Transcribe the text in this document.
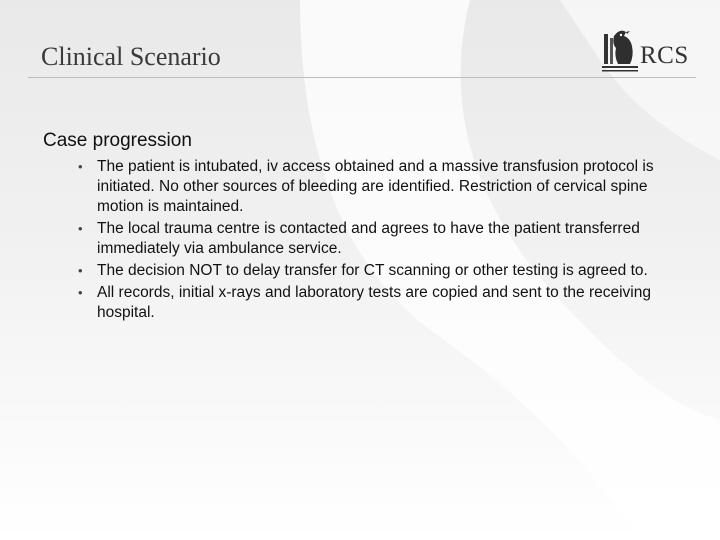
Clinical Scenario	RCS
Case progression
• The patient is intubated, iv access obtained and a massive transfusion protocol is initiated. No other sources of bleeding are identified. Restriction of cervical spine motion is maintained.
• The local trauma centre is contacted and agrees to have the patient transferred immediately via ambulance service.
• The decision NOT to delay transfer for CT scanning or other testing is agreed to.
• All records, initial x-rays and laboratory tests are copied and sent to the receiving hospital.
